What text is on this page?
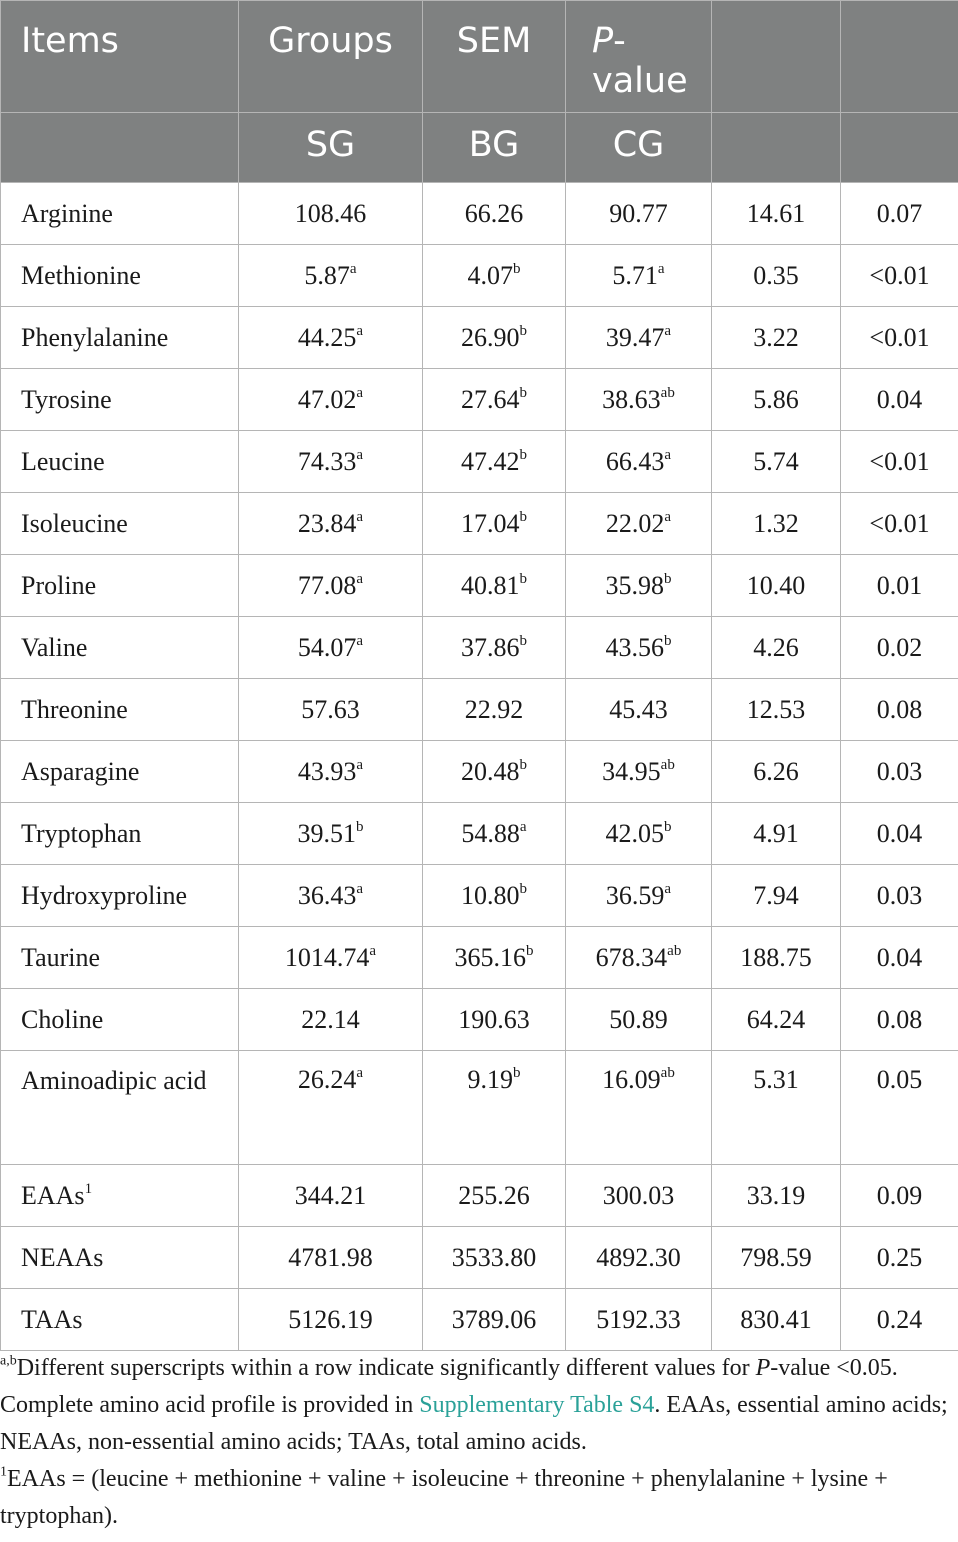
Items	Groups	SEM	P-
value		
	SG	BG	CG		
Arginine	108.46	66.26	90.77	14.61	0.07
Methionine	5.87$^a$	4.07$^b$	5.71$^a$	0.35	<0.01
Phenylalanine	44.25$^a$	26.90$^b$	39.47$^a$	3.22	<0.01
Tyrosine	47.02$^a$	27.64$^b$	38.63$^{ab}$	5.86	0.04
Leucine	74.33$^a$	47.42$^b$	66.43$^a$	5.74	<0.01
Isoleucine	23.84$^a$	17.04$^b$	22.02$^a$	1.32	<0.01
Proline	77.08$^a$	40.81$^b$	35.98$^b$	10.40	0.01
Valine	54.07$^a$	37.86$^b$	43.56$^b$	4.26	0.02
Threonine	57.63	22.92	45.43	12.53	0.08
Asparagine	43.93$^a$	20.48$^b$	34.95$^{ab}$	6.26	0.03
Tryptophan	39.51$^b$	54.88$^a$	42.05$^b$	4.91	0.04
Hydroxyproline	36.43$^a$	10.80$^b$	36.59$^a$	7.94	0.03
Taurine	1014.74$^a$	365.16$^b$	678.34$^{ab}$	188.75	0.04
Choline	22.14	190.63	50.89	64.24	0.08
Aminoadipic acid	26.24$^a$	9.19$^b$	16.09$^{ab}$	5.31	0.05
EAAs$^1$	344.21	255.26	300.03	33.19	0.09
NEAAs	4781.98	3533.80	4892.30	798.59	0.25
TAAs	5126.19	3789.06	5192.33	830.41	0.24

$^{a,b}$Different superscripts within a row indicate significantly different values for P-value <0.05. Complete amino acid profile is provided in Supplementary Table S4. EAAs, essential amino acids; NEAAs, non-essential amino acids; TAAs, total amino acids.

$^1$EAAs = (leucine + methionine + valine + isoleucine + threonine + phenylalanine + lysine + tryptophan).
